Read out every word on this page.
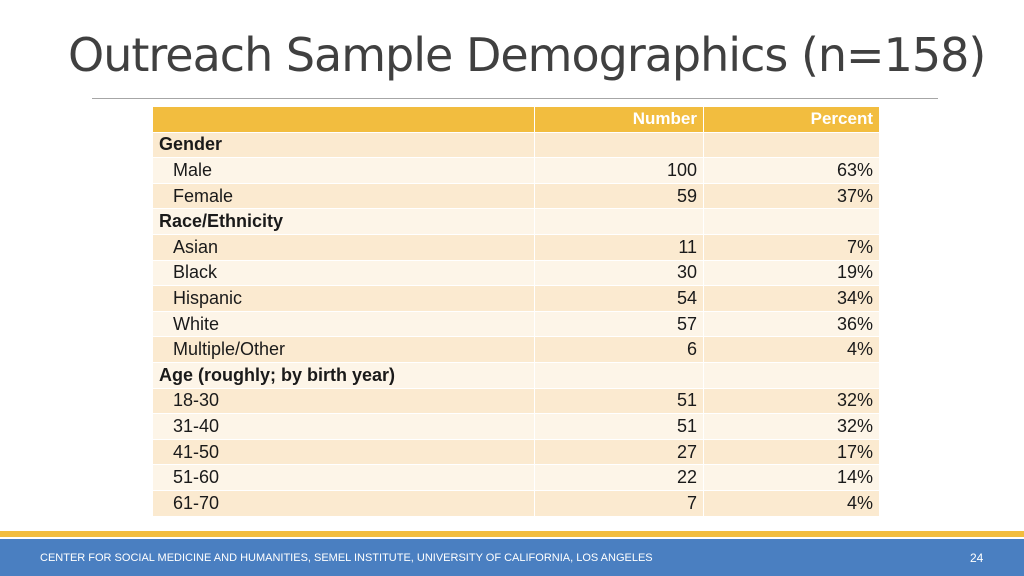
Outreach Sample Demographics (n=158)
	Number	Percent
Gender		
Male	100	63%
Female	59	37%
Race/Ethnicity		
Asian	11	7%
Black	30	19%
Hispanic	54	34%
White	57	36%
Multiple/Other	6	4%
Age (roughly; by birth year)		
18-30	51	32%
31-40	51	32%
41-50	27	17%
51-60	22	14%
61-70	7	4%
CENTER FOR SOCIAL MEDICINE AND HUMANITIES, SEMEL INSTITUTE, UNIVERSITY OF CALIFORNIA, LOS ANGELES	24
